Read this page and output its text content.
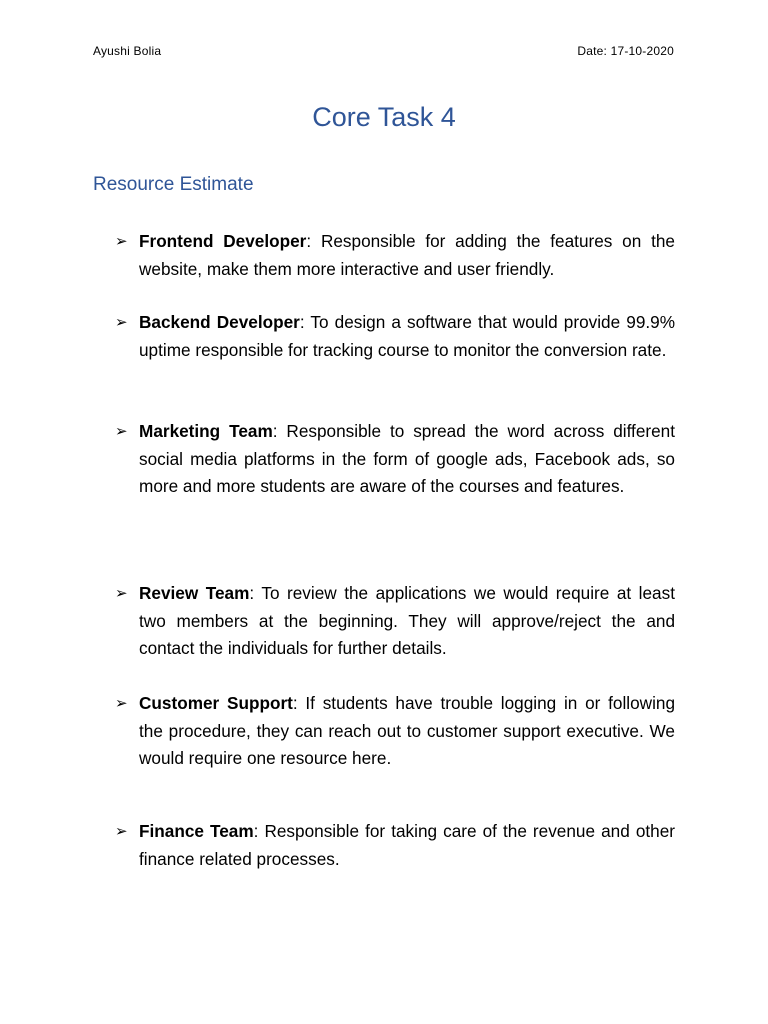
Ayushi Bolia	Date: 17-10-2020
Core Task 4
Resource Estimate
➢ Frontend Developer: Responsible for adding the features on the website, make them more interactive and user friendly.
➢ Backend Developer: To design a software that would provide 99.9% uptime responsible for tracking course to monitor the conversion rate.
➢ Marketing Team: Responsible to spread the word across different social media platforms in the form of google ads, Facebook ads, so more and more students are aware of the courses and features.
➢ Review Team: To review the applications we would require at least two members at the beginning. They will approve/reject the and contact the individuals for further details.
➢ Customer Support: If students have trouble logging in or following the procedure, they can reach out to customer support executive. We would require one resource here.
➢ Finance Team: Responsible for taking care of the revenue and other finance related processes.
